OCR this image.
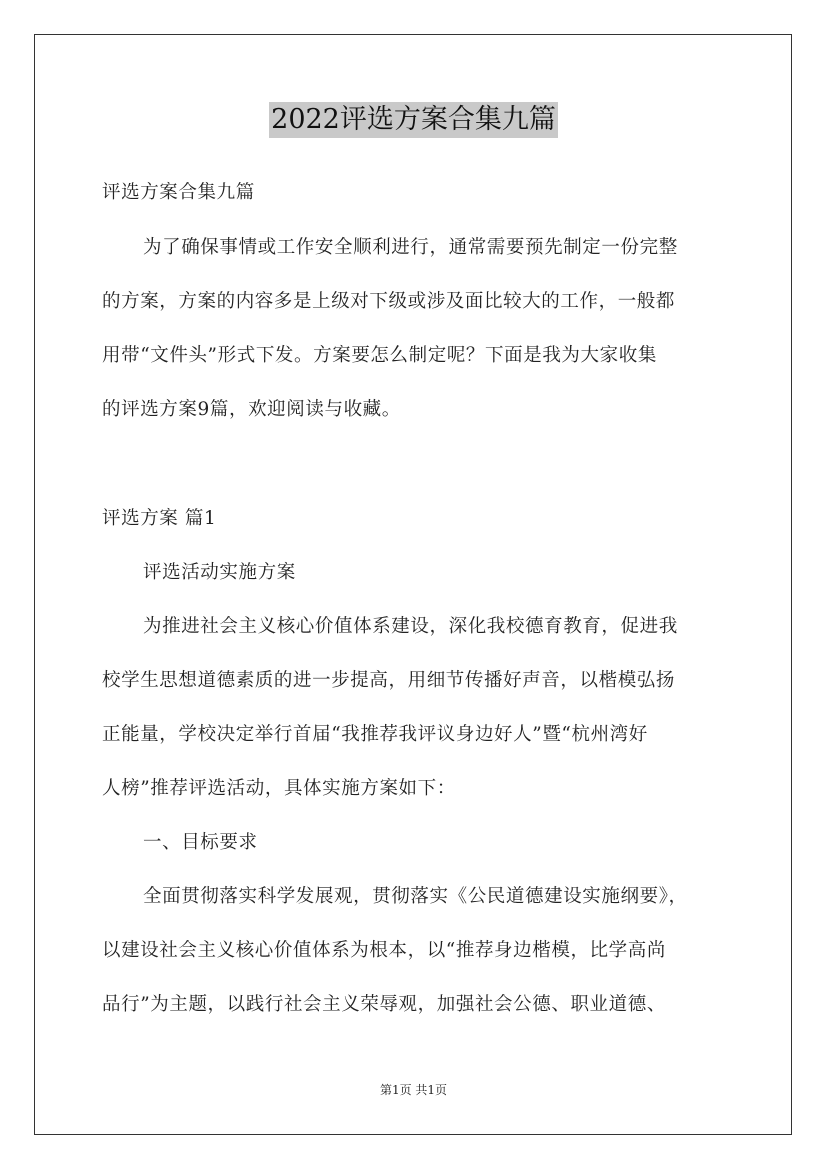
2022评选方案合集九篇
评选方案合集九篇
为了确保事情或工作安全顺利进行，通常需要预先制定一份完整
的方案，方案的内容多是上级对下级或涉及面比较大的工作，一般都
用带“文件头”形式下发。方案要怎么制定呢？下面是我为大家收集
的评选方案9篇，欢迎阅读与收藏。
评选方案 篇1
评选活动实施方案
为推进社会主义核心价值体系建设，深化我校德育教育，促进我
校学生思想道德素质的进一步提高，用细节传播好声音，以楷模弘扬
正能量，学校决定举行首届“我推荐我评议身边好人”暨“杭州湾好
人榜”推荐评选活动，具体实施方案如下：
一、目标要求
全面贯彻落实科学发展观，贯彻落实《公民道德建设实施纲要》，
以建设社会主义核心价值体系为根本，以“推荐身边楷模，比学高尚
品行”为主题，以践行社会主义荣辱观，加强社会公德、职业道德、
第1页 共1页
